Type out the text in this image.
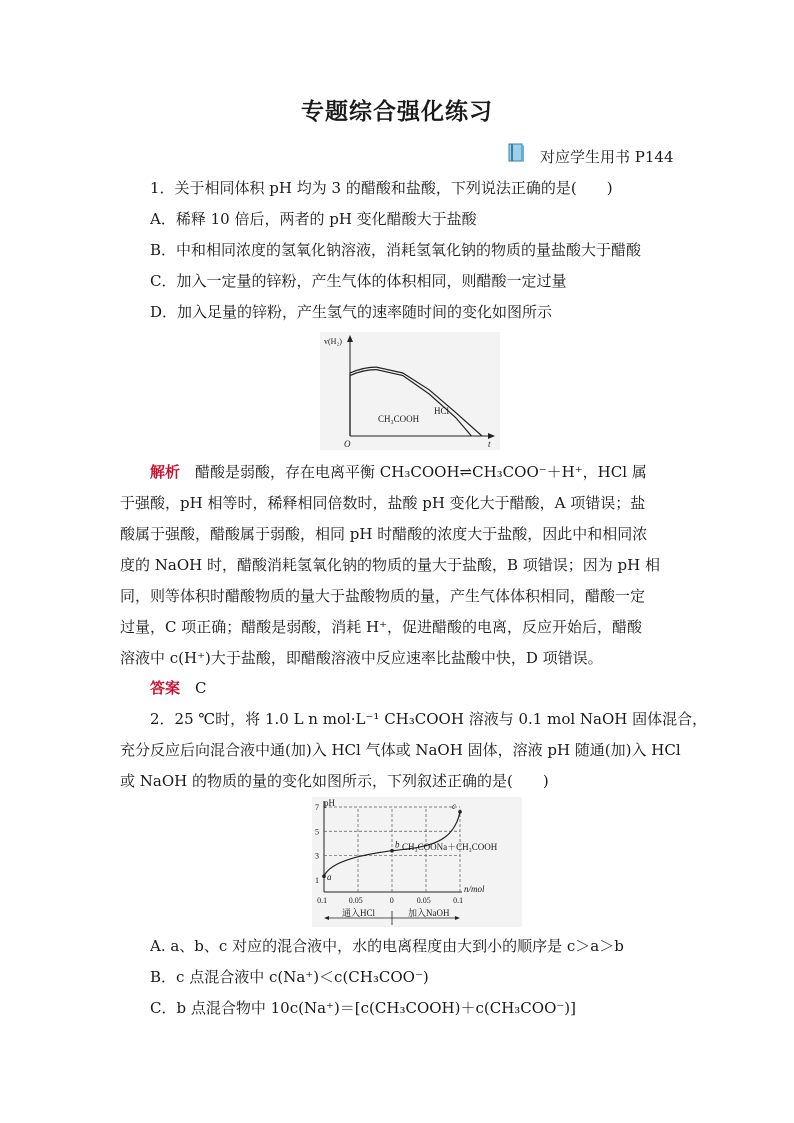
专题综合强化练习
对应学生用书 P144
1．关于相同体积 pH 均为 3 的醋酸和盐酸，下列说法正确的是(　　)
A．稀释 10 倍后，两者的 pH 变化醋酸大于盐酸
B．中和相同浓度的氢氧化钠溶液，消耗氢氧化钠的物质的量盐酸大于醋酸
C．加入一定量的锌粉，产生气体的体积相同，则醋酸一定过量
D．加入足量的锌粉，产生氢气的速率随时间的变化如图所示
v(H₂)
t
O
HCl
CH₃COOH
解析　 醋酸是弱酸，存在电离平衡 CH₃COOH⇌CH₃COO⁻＋H⁺，HCl 属
于强酸，pH 相等时，稀释相同倍数时，盐酸 pH 变化大于醋酸，A 项错误；盐
酸属于强酸，醋酸属于弱酸，相同 pH 时醋酸的浓度大于盐酸，因此中和相同浓
度的 NaOH 时，醋酸消耗氢氧化钠的物质的量大于盐酸，B 项错误；因为 pH 相
同，则等体积时醋酸物质的量大于盐酸物质的量，产生气体体积相同，醋酸一定
过量，C 项正确；醋酸是弱酸，消耗 H⁺，促进醋酸的电离，反应开始后，醋酸
溶液中 c(H⁺)大于盐酸，即醋酸溶液中反应速率比盐酸中快，D 项错误。
答案　 C
2．25 ℃时，将 1.0 L n mol·L⁻¹ CH₃COOH 溶液与 0.1 mol NaOH 固体混合，
充分反应后向混合液中通(加)入 HCl 气体或 NaOH 固体，溶液 pH 随通(加)入 HCl
或 NaOH 的物质的量的变化如图所示，下列叙述正确的是(　　)
1
3
5
7
0.1	0.05	0	0.05	0.1
pH
n/mol
a
b
c
CH₃COONa＋CH₃COOH
通入HCl	加入NaOH
A. a、b、c 对应的混合液中，水的电离程度由大到小的顺序是 c＞a＞b
B．c 点混合液中 c(Na⁺)＜c(CH₃COO⁻)
C．b 点混合物中 10c(Na⁺)＝[c(CH₃COOH)＋c(CH₃COO⁻)]
